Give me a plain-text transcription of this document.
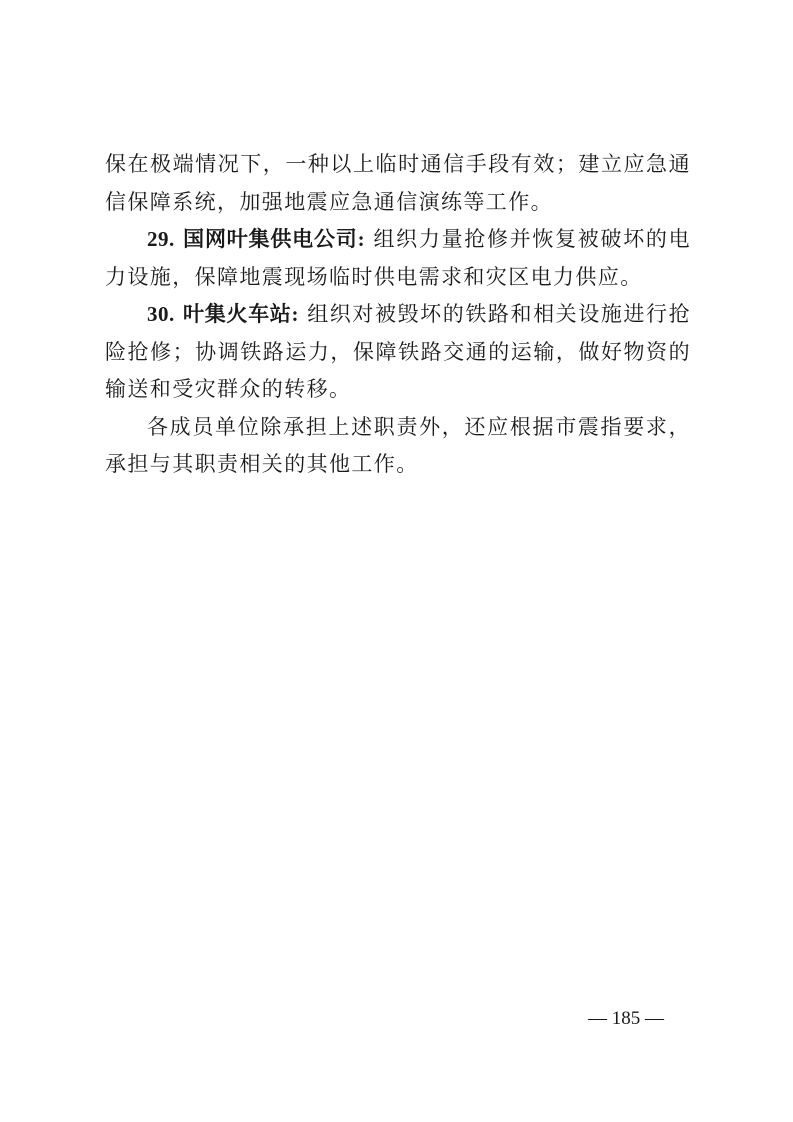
保在极端情况下，一种以上临时通信手段有效；建立应急通信保障系统，加强地震应急通信演练等工作。

29. 国网叶集供电公司: 组织力量抢修并恢复被破坏的电力设施，保障地震现场临时供电需求和灾区电力供应。

30. 叶集火车站: 组织对被毁坏的铁路和相关设施进行抢险抢修；协调铁路运力，保障铁路交通的运输，做好物资的输送和受灾群众的转移。

各成员单位除承担上述职责外，还应根据市震指要求，承担与其职责相关的其他工作。

— 185 —
